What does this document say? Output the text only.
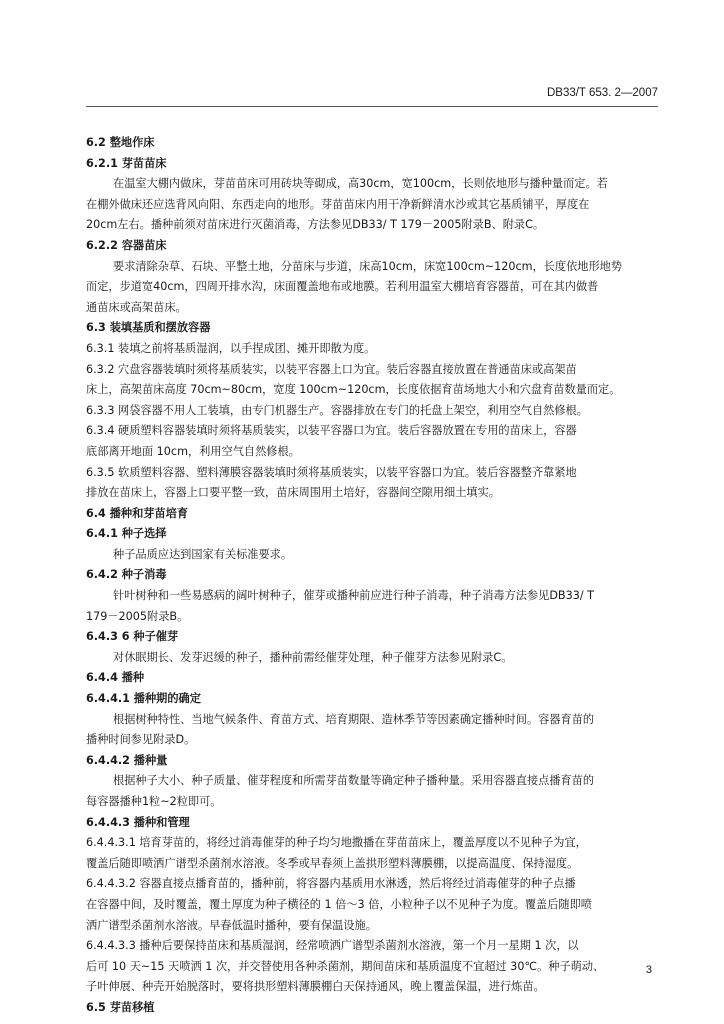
DB33/T 653. 2—2007
6.2 整地作床
6.2.1 芽苗苗床
在温室大棚内做床，芽苗苗床可用砖块等砌成，高30cm，宽100cm，长则依地形与播种量而定。若
在棚外做床还应选背风向阳、东西走向的地形。芽苗苗床内用干净新鲜清水沙或其它基质铺平，厚度在
20cm左右。播种前须对苗床进行灭菌消毒，方法参见DB33/ T 179－2005附录B、附录C。
6.2.2 容器苗床
要求清除杂草、石块、平整土地，分苗床与步道，床高10cm，床宽100cm~120cm，长度依地形地势
而定，步道宽40cm，四周开排水沟，床面覆盖地布或地膜。若利用温室大棚培育容器苗，可在其内做普
通苗床或高架苗床。
6.3 装填基质和摆放容器
6.3.1 装填之前将基质湿润，以手捏成团、摊开即散为度。
6.3.2 穴盘容器装填时须将基质装实，以装平容器上口为宜。装后容器直接放置在普通苗床或高架苗
床上，高架苗床高度 70cm~80cm，宽度 100cm~120cm，长度依据育苗场地大小和穴盘育苗数量而定。
6.3.3 网袋容器不用人工装填，由专门机器生产。容器排放在专门的托盘上架空，利用空气自然修根。
6.3.4 硬质塑料容器装填时须将基质装实，以装平容器口为宜。装后容器放置在专用的苗床上，容器
底部离开地面 10cm，利用空气自然修根。
6.3.5 软质塑料容器、塑料薄膜容器装填时须将基质装实，以装平容器口为宜。装后容器整齐靠紧地
排放在苗床上，容器上口要平整一致，苗床周围用土培好，容器间空隙用细土填实。
6.4 播种和芽苗培育
6.4.1 种子选择
种子品质应达到国家有关标准要求。
6.4.2 种子消毒
针叶树种和一些易感病的阔叶树种子，催芽或播种前应进行种子消毒，种子消毒方法参见DB33/ T
179－2005附录B。
6.4.3 6 种子催芽
对休眠期长、发芽迟缓的种子，播种前需经催芽处理，种子催芽方法参见附录C。
6.4.4 播种
6.4.4.1 播种期的确定
根据树种特性、当地气候条件、育苗方式、培育期限、造林季节等因素确定播种时间。容器育苗的
播种时间参见附录D。
6.4.4.2 播种量
根据种子大小、种子质量、催芽程度和所需芽苗数量等确定种子播种量。采用容器直接点播育苗的
每容器播种1粒~2粒即可。
6.4.4.3 播种和管理
6.4.4.3.1 培育芽苗的，将经过消毒催芽的种子均匀地撒播在芽苗苗床上，覆盖厚度以不见种子为宜，
覆盖后随即喷洒广谱型杀菌剂水溶液。冬季或早春须上盖拱形塑料薄膜棚，以提高温度、保持湿度。
6.4.4.3.2 容器直接点播育苗的，播种前，将容器内基质用水淋透，然后将经过消毒催芽的种子点播
在容器中间，及时覆盖，覆土厚度为种子横径的 1 倍～3 倍，小粒种子以不见种子为度。覆盖后随即喷
洒广谱型杀菌剂水溶液。早春低温时播种，要有保温设施。
6.4.4.3.3 播种后要保持苗床和基质湿润，经常喷洒广谱型杀菌剂水溶液，第一个月一星期 1 次，以
后可 10 天~15 天喷洒 1 次，并交替使用各种杀菌剂，期间苗床和基质温度不宜超过 30℃。种子萌动、
子叶伸展、种壳开始脱落时，要将拱形塑料薄膜棚白天保持通风，晚上覆盖保温，进行炼苗。
6.5 芽苗移植
3
